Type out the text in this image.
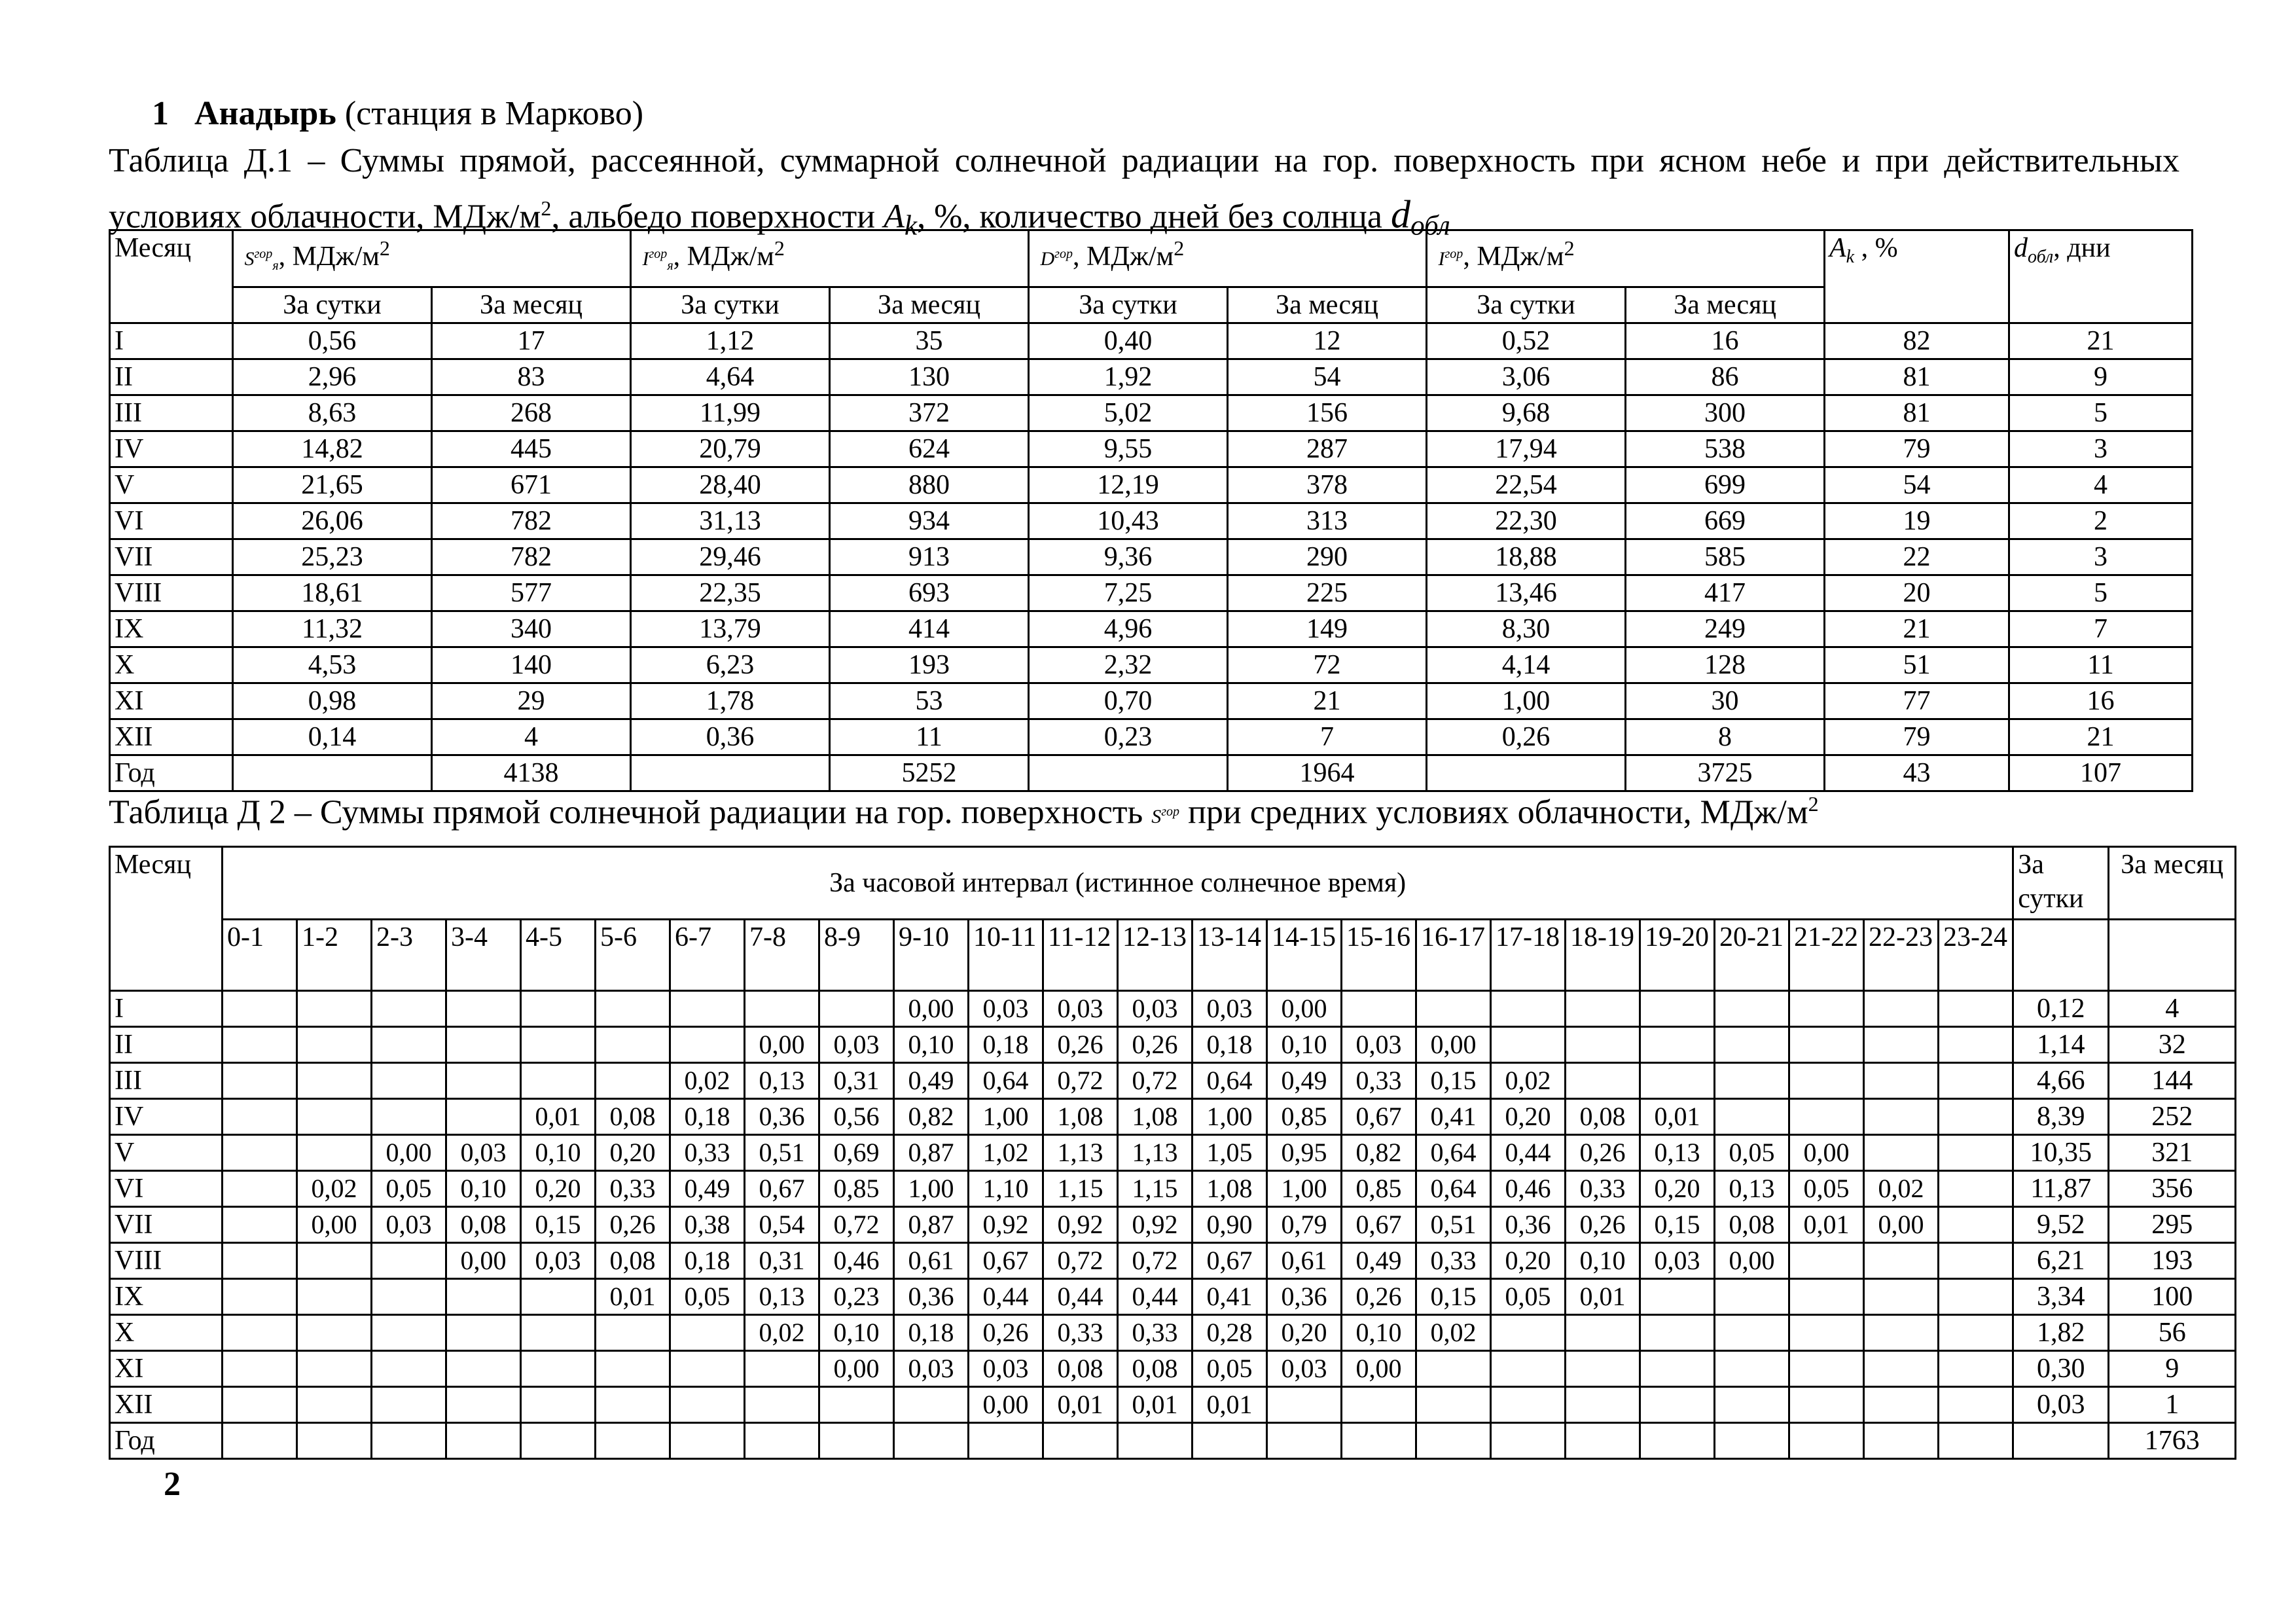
1 Анадырь (станция в Марково)
Таблица Д.1 – Суммы прямой, рассеянной, суммарной солнечной радиации на гор. поверхность при ясном небе и при действительных условиях облачности, МДж/$м^2$, альбедо поверхности $A_k$, %, количество дней без солнца $d_{обл}$
Месяц	$S^{гор}_я$, МДж/$м^2$		$I^{гор}_я$, МДж/$м^2$		$D^{гор}$, МДж/$м^2$		$I^{гор}$, МДж/$м^2$		$A_k$ , %	$d_{обл}$, дни
	За сутки	За месяц	За сутки	За месяц	За сутки	За месяц	За сутки	За месяц		
I	0,56	17	1,12	35	0,40	12	0,52	16	82	21
II	2,96	83	4,64	130	1,92	54	3,06	86	81	9
III	8,63	268	11,99	372	5,02	156	9,68	300	81	5
IV	14,82	445	20,79	624	9,55	287	17,94	538	79	3
V	21,65	671	28,40	880	12,19	378	22,54	699	54	4
VI	26,06	782	31,13	934	10,43	313	22,30	669	19	2
VII	25,23	782	29,46	913	9,36	290	18,88	585	22	3
VIII	18,61	577	22,35	693	7,25	225	13,46	417	20	5
IX	11,32	340	13,79	414	4,96	149	8,30	249	21	7
X	4,53	140	6,23	193	2,32	72	4,14	128	51	11
XI	0,98	29	1,78	53	0,70	21	1,00	30	77	16
XII	0,14	4	0,36	11	0,23	7	0,26	8	79	21
Год		4138		5252		1964		3725	43	107
Таблица Д 2 – Суммы прямой солнечной радиации на гор. поверхность $S^{гор}$ при средних условиях облачности, МДж/$м^2$
Месяц	За часовой интервал (истинное солнечное время)																								За сутки	За месяц
	0-1	1-2	2-3	3-4	4-5	5-6	6-7	7-8	8-9	9-10	10-11	11-12	12-13	13-14	14-15	15-16	16-17	17-18	18-19	19-20	20-21	21-22	22-23	23-24		
I										0,00	0,03	0,03	0,03	0,03	0,00										0,12	4
II								0,00	0,03	0,10	0,18	0,26	0,26	0,18	0,10	0,03	0,00								1,14	32
III							0,02	0,13	0,31	0,49	0,64	0,72	0,72	0,64	0,49	0,33	0,15	0,02							4,66	144
IV					0,01	0,08	0,18	0,36	0,56	0,82	1,00	1,08	1,08	1,00	0,85	0,67	0,41	0,20	0,08	0,01					8,39	252
V			0,00	0,03	0,10	0,20	0,33	0,51	0,69	0,87	1,02	1,13	1,13	1,05	0,95	0,82	0,64	0,44	0,26	0,13	0,05	0,00			10,35	321
VI		0,02	0,05	0,10	0,20	0,33	0,49	0,67	0,85	1,00	1,10	1,15	1,15	1,08	1,00	0,85	0,64	0,46	0,33	0,20	0,13	0,05	0,02		11,87	356
VII		0,00	0,03	0,08	0,15	0,26	0,38	0,54	0,72	0,87	0,92	0,92	0,92	0,90	0,79	0,67	0,51	0,36	0,26	0,15	0,08	0,01	0,00		9,52	295
VIII				0,00	0,03	0,08	0,18	0,31	0,46	0,61	0,67	0,72	0,72	0,67	0,61	0,49	0,33	0,20	0,10	0,03	0,00				6,21	193
IX						0,01	0,05	0,13	0,23	0,36	0,44	0,44	0,44	0,41	0,36	0,26	0,15	0,05	0,01						3,34	100
X								0,02	0,10	0,18	0,26	0,33	0,33	0,28	0,20	0,10	0,02								1,82	56
XI									0,00	0,03	0,03	0,08	0,08	0,05	0,03	0,00									0,30	9
XII											0,00	0,01	0,01	0,01											0,03	1
Год																										1763
2
